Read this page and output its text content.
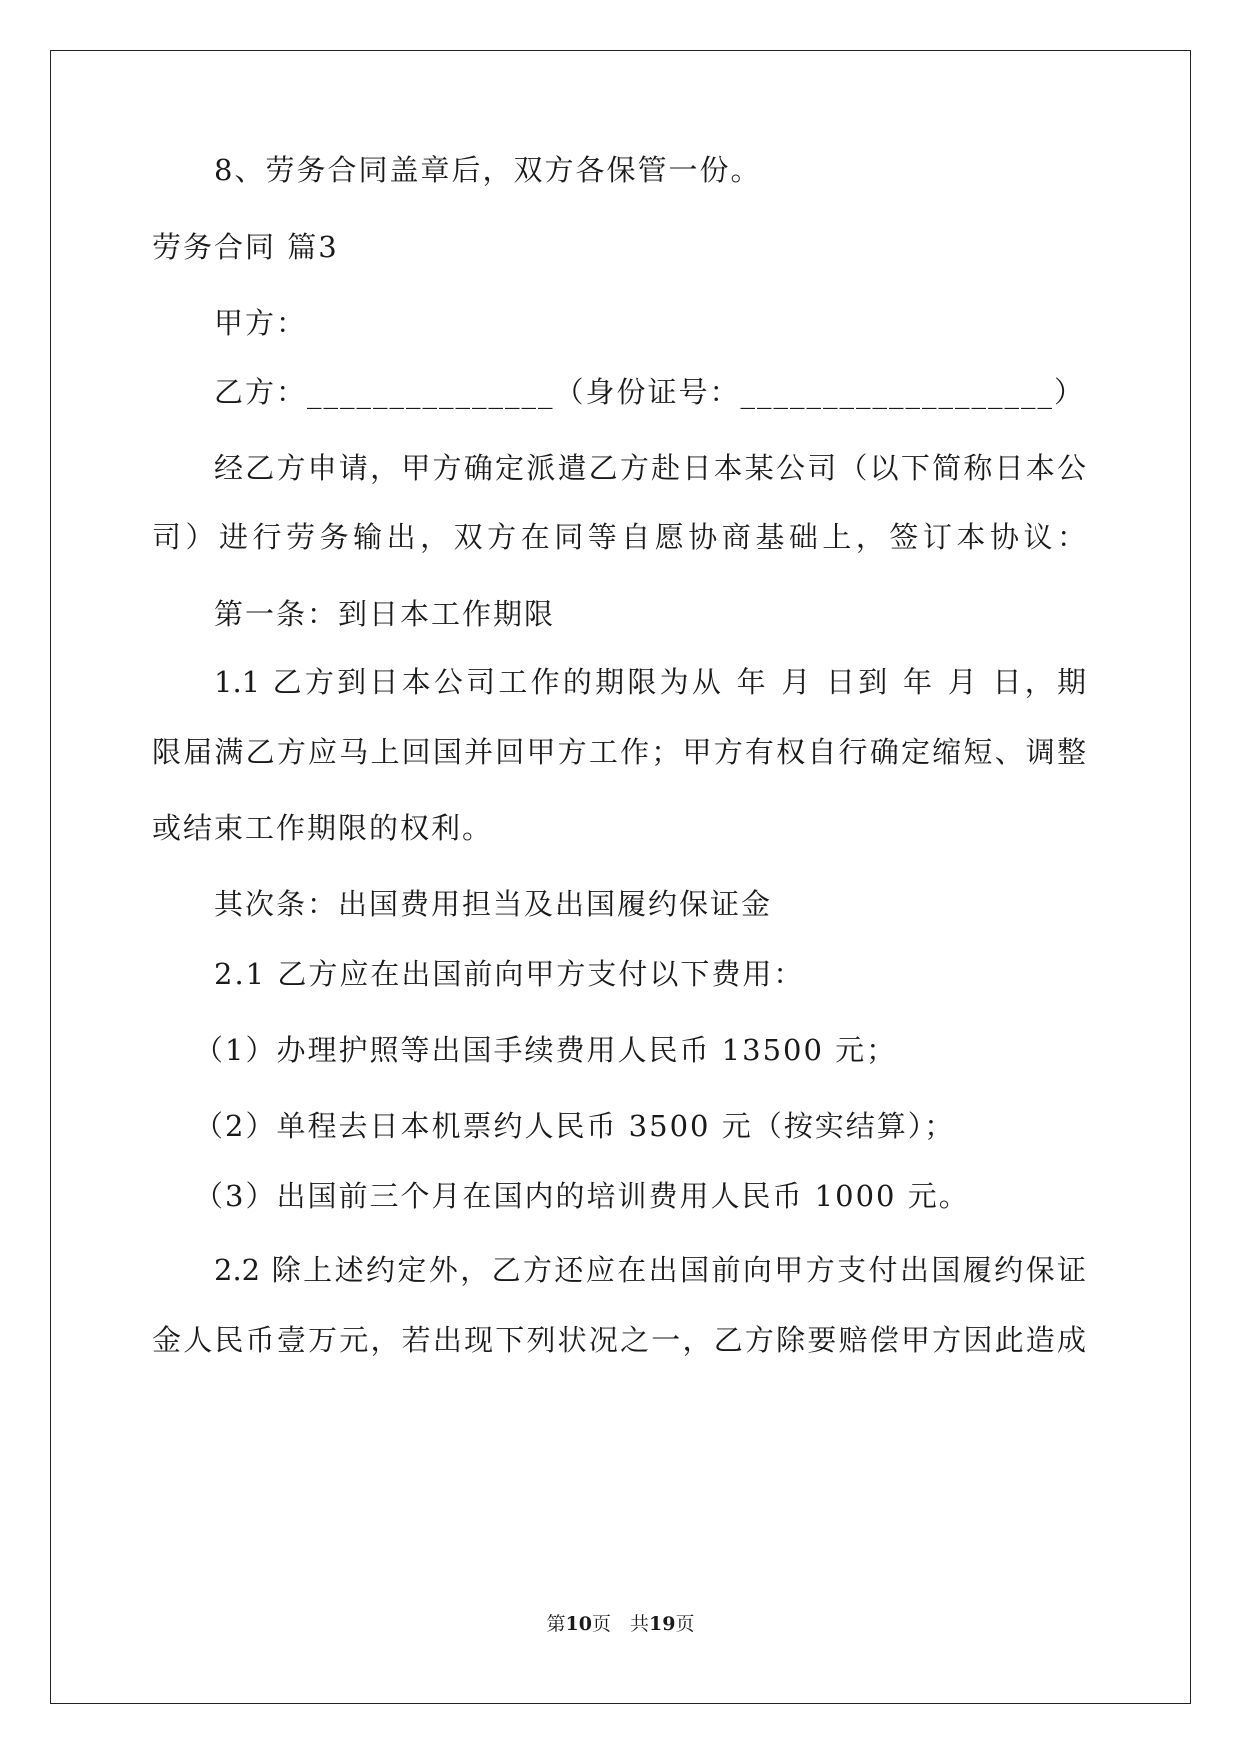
8、劳务合同盖章后，双方各保管一份。
劳务合同 篇3
甲方：
乙方：_______________（身份证号：___________________）
经乙方申请，甲方确定派遣乙方赴日本某公司（以下简称日本公
司）进行劳务输出，双方在同等自愿协商基础上，签订本协议：
第一条：到日本工作期限
1.1 乙方到日本公司工作的期限为从 年 月 日到 年 月 日，期
限届满乙方应马上回国并回甲方工作；甲方有权自行确定缩短、调整
或结束工作期限的权利。
其次条：出国费用担当及出国履约保证金
2.1 乙方应在出国前向甲方支付以下费用：
（1）办理护照等出国手续费用人民币 13500 元；
（2）单程去日本机票约人民币 3500 元（按实结算）；
（3）出国前三个月在国内的培训费用人民币 1000 元。
2.2 除上述约定外，乙方还应在出国前向甲方支付出国履约保证
金人民币壹万元，若出现下列状况之一，乙方除要赔偿甲方因此造成
第10页　共19页
